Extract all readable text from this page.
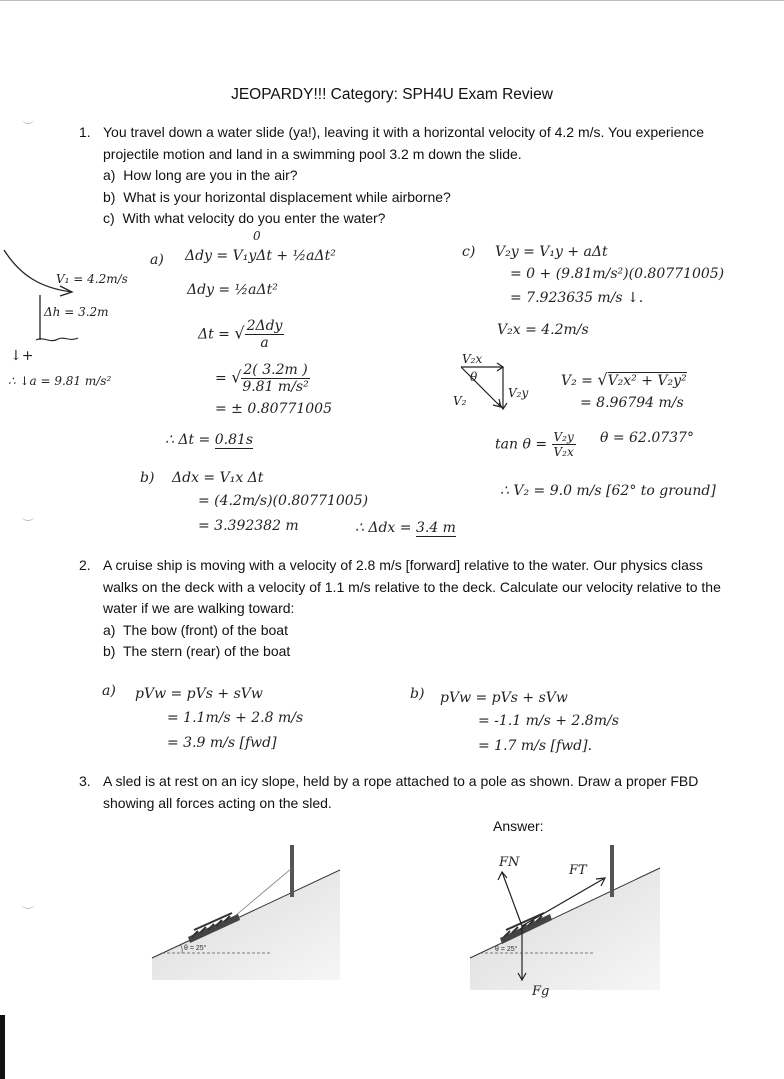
JEOPARDY!!! Category: SPH4U Exam Review
1. You travel down a water slide (ya!), leaving it with a horizontal velocity of 4.2 m/s. You experience
projectile motion and land in a swimming pool 3.2 m down the slide.
a) How long are you in the air?
b) What is your horizontal displacement while airborne?
c) With what velocity do you enter the water?
V₁ = 4.2m/s
Δh = 3.2m
↓+
∴ ↓a = 9.81 m/s²
a)
0
Δdy = V₁yΔt + ½aΔt²
Δdy = ½aΔt²
Δt = √ $\frac{\text{2Δdy}}{a}$
= √ $\frac{2( 3.2m )}{\text{9.81 m/s²}}$
= ± 0.80771005
∴ Δt = 0.81s
b) Δdx = V₁x Δt
= (4.2m/s)(0.80771005)
= 3.392382 m	∴ Δdx = 3.4 m
c) V₂y = V₁y + aΔt
= 0 + (9.81m/s²)(0.80771005)
= 7.923635 m/s ↓.
V₂x = 4.2m/s
V₂x
θ
V₂y
V₂
V₂ = √V₂x² + V₂y²
= 8.96794 m/s
$\tan \theta = \frac{\text{V₂y}}{\text{V₂x}}$ θ = 62.0737°
∴ V₂ = 9.0 m/s [62° to ground]
2. A cruise ship is moving with a velocity of 2.8 m/s [forward] relative to the water. Our physics class
walks on the deck with a velocity of 1.1 m/s relative to the deck. Calculate our velocity relative to the
water if we are walking toward:
a) The bow (front) of the boat
b) The stern (rear) of the boat
a) pVw = pVs + sVw
= 1.1m/s + 2.8 m/s
= 3.9 m/s [fwd]
b) pVw = pVs + sVw
= -1.1 m/s + 2.8m/s
= 1.7 m/s [fwd].
3. A sled is at rest on an icy slope, held by a rope attached to a pole as shown. Draw a proper FBD
showing all forces acting on the sled.
Answer:
θ = 25°	θ = 25°
FN
FT
Fg
